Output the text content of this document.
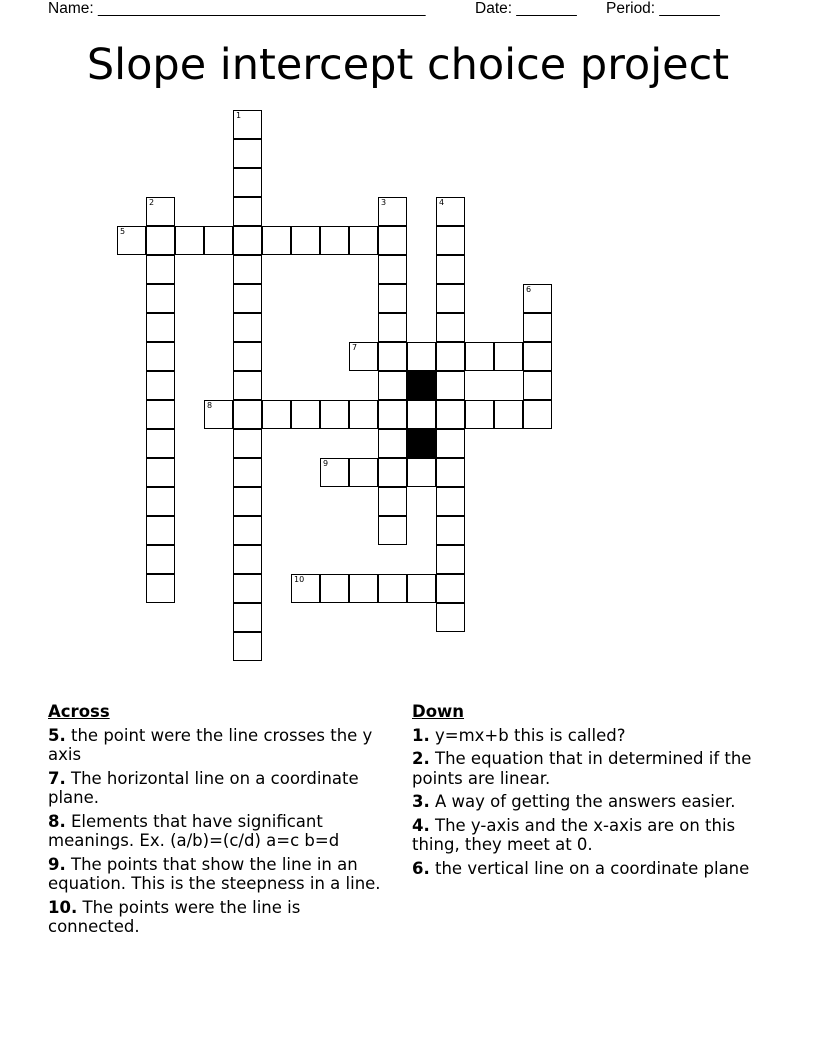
Name: ______________________________________	Date: _______ Period: _______
Slope intercept choice project
1
2	3	4
5
6
7
8
9
10
Across
5. the point were the line crosses the y axis
7. The horizontal line on a coordinate plane.
8. Elements that have significant meanings. Ex. (a/b)=(c/d) a=c b=d
9. The points that show the line in an equation. This is the steepness in a line.
10. The points were the line is connected.
Down
1. y=mx+b this is called?
2. The equation that in determined if the points are linear.
3. A way of getting the answers easier.
4. The y-axis and the x-axis are on this thing, they meet at 0.
6. the vertical line on a coordinate plane
